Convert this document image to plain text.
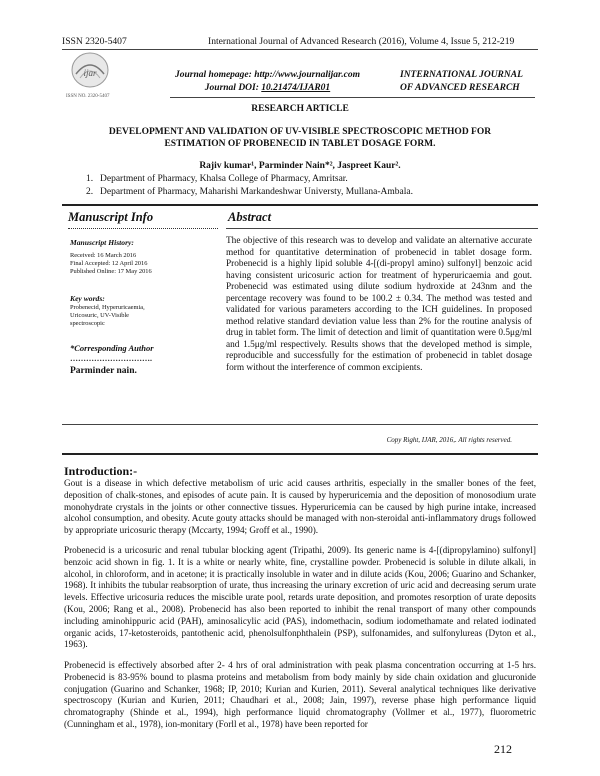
ISSN 2320-5407	International Journal of Advanced Research (2016), Volume 4, Issue 5, 212-219
ijar
ISSN NO. 2320-5407
Journal homepage: http://www.journalijar.com
Journal DOI: 10.21474/IJAR01
INTERNATIONAL JOURNAL
OF ADVANCED RESEARCH
RESEARCH ARTICLE
DEVELOPMENT AND VALIDATION OF UV-VISIBLE SPECTROSCOPIC METHOD FOR
ESTIMATION OF PROBENECID IN TABLET DOSAGE FORM.
Rajiv kumar¹, Parminder Nain*², Jaspreet Kaur².
1. Department of Pharmacy, Khalsa College of Pharmacy, Amritsar.
2. Department of Pharmacy, Maharishi Markandeshwar Universty, Mullana-Ambala.
Manuscript Info	Abstract
Manuscript History:
Received: 16 March 2016
Final Accepted: 12 April 2016
Published Online: 17 May 2016
Key words:
Probenecid, Hyperuricaemia,
Uricosuric, UV-Visible
spectroscopic
*Corresponding Author
………………………….
Parminder nain.
The objective of this research was to develop and validate an alternative accurate method for quantitative determination of probenecid in tablet dosage form. Probenecid is a highly lipid soluble 4-[(di-propyl amino) sulfonyl] benzoic acid having consistent uricosuric action for treatment of hyperuricaemia and gout. Probenecid was estimated using dilute sodium hydroxide at 243nm and the percentage recovery was found to be 100.2 ± 0.34. The method was tested and validated for various parameters according to the ICH guidelines. In proposed method relative standard deviation value less than 2% for the routine analysis of drug in tablet form. The limit of detection and limit of quantitation were 0.5μg/ml and 1.5μg/ml respectively. Results shows that the developed method is simple, reproducible and successfully for the estimation of probenecid in tablet dosage form without the interference of common excipients.
Copy Right, IJAR, 2016,. All rights reserved.
Introduction:-
Gout is a disease in which defective metabolism of uric acid causes arthritis, especially in the smaller bones of the feet, deposition of chalk-stones, and episodes of acute pain. It is caused by hyperuricemia and the deposition of monosodium urate monohydrate crystals in the joints or other connective tissues. Hyperuricemia can be caused by high purine intake, increased alcohol consumption, and obesity. Acute gouty attacks should be managed with non-steroidal anti-inflammatory drugs followed by appropriate uricosuric therapy (Mccarty, 1994; Groff et al., 1990).
Probenecid is a uricosuric and renal tubular blocking agent (Tripathi, 2009). Its generic name is 4-[(dipropylamino) sulfonyl] benzoic acid shown in fig. 1. It is a white or nearly white, fine, crystalline powder. Probenecid is soluble in dilute alkali, in alcohol, in chloroform, and in acetone; it is practically insoluble in water and in dilute acids (Kou, 2006; Guarino and Schanker, 1968). It inhibits the tubular reabsorption of urate, thus increasing the urinary excretion of uric acid and decreasing serum urate levels. Effective uricosuria reduces the miscible urate pool, retards urate deposition, and promotes resorption of urate deposits (Kou, 2006; Rang et al., 2008). Probenecid has also been reported to inhibit the renal transport of many other compounds including aminohippuric acid (PAH), aminosalicylic acid (PAS), indomethacin, sodium iodomethamate and related iodinated organic acids, 17-ketosteroids, pantothenic acid, phenolsulfonphthalein (PSP), sulfonamides, and sulfonylureas (Dyton et al., 1963).
Probenecid is effectively absorbed after 2- 4 hrs of oral administration with peak plasma concentration occurring at 1-5 hrs. Probenecid is 83-95% bound to plasma proteins and metabolism from body mainly by side chain oxidation and glucuronide conjugation (Guarino and Schanker, 1968; IP, 2010; Kurian and Kurien, 2011). Several analytical techniques like derivative spectroscopy (Kurian and Kurien, 2011; Chaudhari et al., 2008; Jain, 1997), reverse phase high performance liquid chromatography (Shinde et al., 1994), high performance liquid chromatography (Vollmer et al., 1977), fluorometric (Cunningham et al., 1978), ion-monitary (Forll et al., 1978) have been reported for
212
